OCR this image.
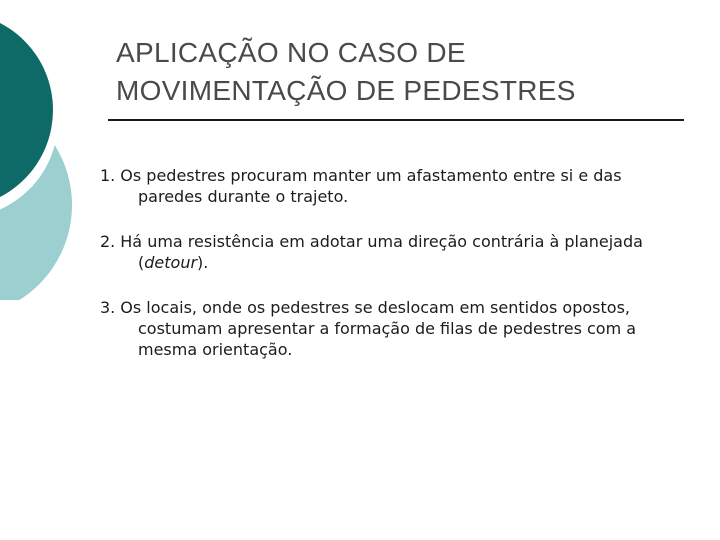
APLICAÇÃO NO CASO DE
MOVIMENTAÇÃO DE PEDESTRES
1. Os pedestres procuram manter um afastamento entre si e das paredes durante o trajeto.
2. Há uma resistência em adotar uma direção contrária à planejada (detour).
3. Os locais, onde os pedestres se deslocam em sentidos opostos, costumam apresentar a formação de filas de pedestres com a mesma orientação.
